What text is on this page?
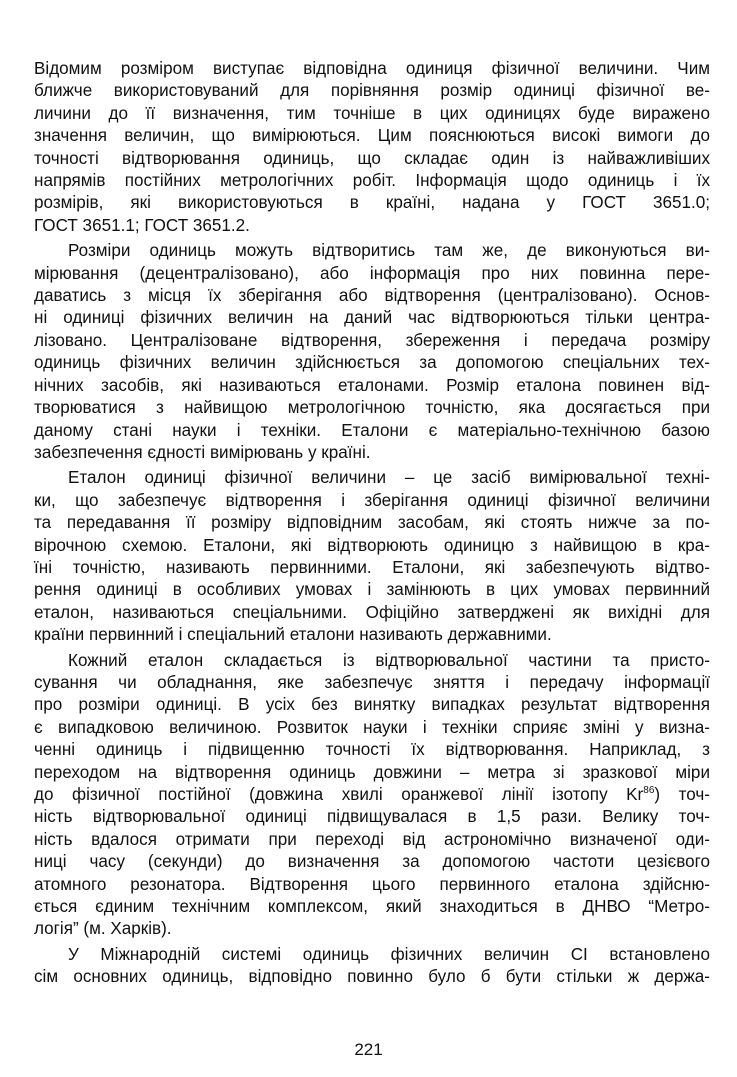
Відомим розміром виступає відповідна одиниця фізичної величини. Чим
ближче використовуваний для порівняння розмір одиниці фізичної ве-
личини до її визначення, тим точніше в цих одиницях буде виражено
значення величин, що вимірюються. Цим пояснюються високі вимоги до
точності відтворювання одиниць, що складає один із найважливіших
напрямів постійних метрологічних робіт. Інформація щодо одиниць і їх
розмірів, які використовуються в країні, надана у ГОСТ 3651.0;
ГОСТ 3651.1; ГОСТ 3651.2.

Розміри одиниць можуть відтворитись там же, де виконуються ви-
мірювання (децентралізовано), або інформація про них повинна пере-
даватись з місця їх зберігання або відтворення (централізовано). Основ-
ні одиниці фізичних величин на даний час відтворюються тільки центра-
лізовано. Централізоване відтворення, збереження і передача розміру
одиниць фізичних величин здійснюється за допомогою спеціальних тех-
нічних засобів, які називаються еталонами. Розмір еталона повинен від-
творюватися з найвищою метрологічною точністю, яка досягається при
даному стані науки і техніки. Еталони є матеріально-технічною базою
забезпечення єдності вимірювань у країні.

Еталон одиниці фізичної величини – це засіб вимірювальної техні-
ки, що забезпечує відтворення і зберігання одиниці фізичної величини
та передавання її розміру відповідним засобам, які стоять нижче за по-
вірочною схемою. Еталони, які відтворюють одиницю з найвищою в кра-
їні точністю, називають первинними. Еталони, які забезпечують відтво-
рення одиниці в особливих умовах і замінюють в цих умовах первинний
еталон, називаються спеціальними. Офіційно затверджені як вихідні для
країни первинний і спеціальний еталони називають державними.

Кожний еталон складається із відтворювальної частини та присто-
сування чи обладнання, яке забезпечує зняття і передачу інформації
про розміри одиниці. В усіх без винятку випадках результат відтворення
є випадковою величиною. Розвиток науки і техніки сприяє зміні у визна-
ченні одиниць і підвищенню точності їх відтворювання. Наприклад, з
переходом на відтворення одиниць довжини – метра зі зразкової міри
до фізичної постійної (довжина хвилі оранжевої лінії ізотопу Kr$^{86}$) точ-
ність відтворювальної одиниці підвищувалася в 1,5 рази. Велику точ-
ність вдалося отримати при переході від астрономічно визначеної оди-
ниці часу (секунди) до визначення за допомогою частоти цезієвого
атомного резонатора. Відтворення цього первинного еталона здійсню-
ється єдиним технічним комплексом, який знаходиться в ДНВО “Метро-
логія” (м. Харків).

У Міжнародній системі одиниць фізичних величин СІ встановлено
сім основних одиниць, відповідно повинно було б бути стільки ж держа-

221
